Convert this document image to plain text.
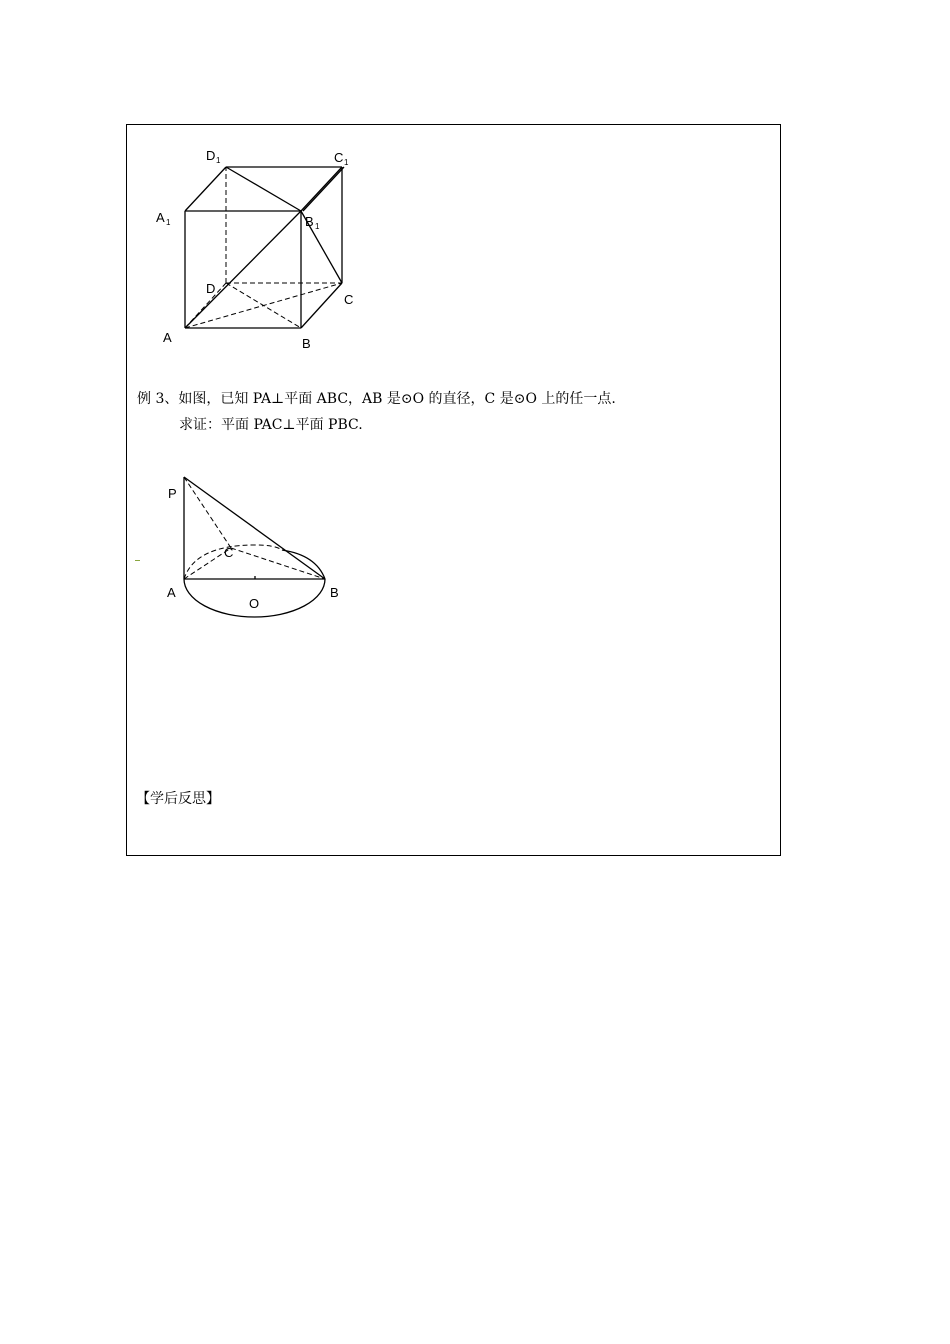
D 1	C 1
A 1	B 1
D
C
A	B
P
C
A	B
O
例 3、如图，已知 PA⊥平面 ABC，AB 是⊙O 的直径，C 是⊙O 上的任一点.
求证：平面 PAC⊥平面 PBC.
【学后反思】
